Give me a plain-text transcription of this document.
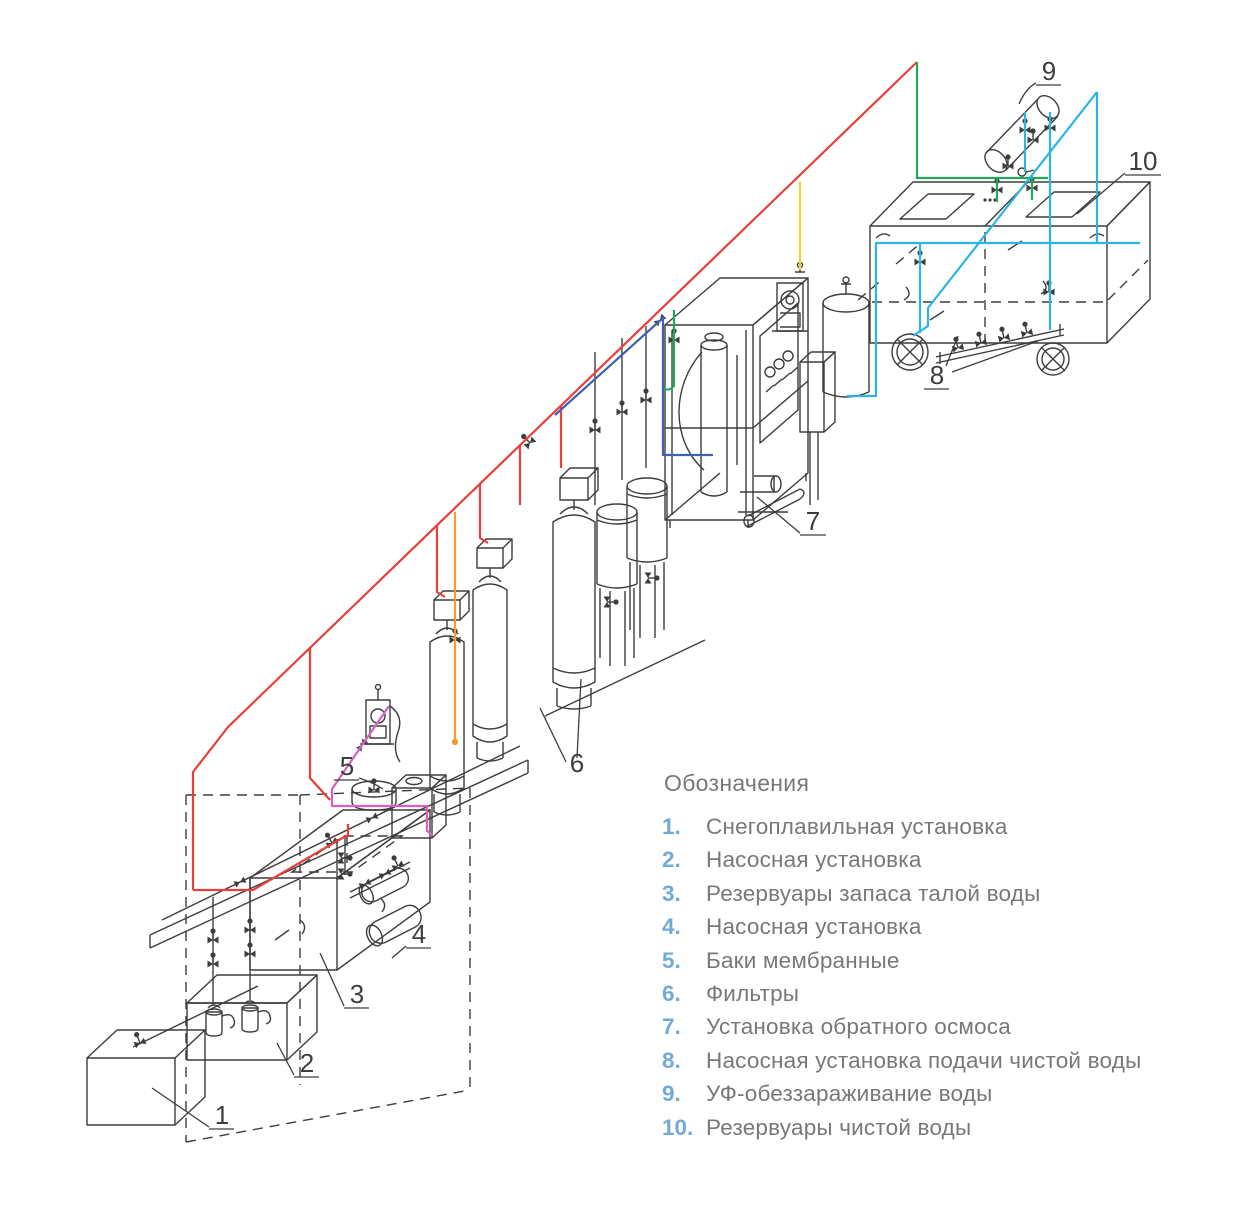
1
2
3
4
5	6
7
8
9
10
Обозначения
1.	Снегоплавильная установка
2.	Насосная установка
3.	Резервуары запаса талой воды
4.	Насосная установка
5.	Баки мембранные
6.	Фильтры
7.	Установка обратного осмоса
8.	Насосная установка подачи чистой воды
9.	УФ-обеззараживание воды
10. Резервуары чистой воды
